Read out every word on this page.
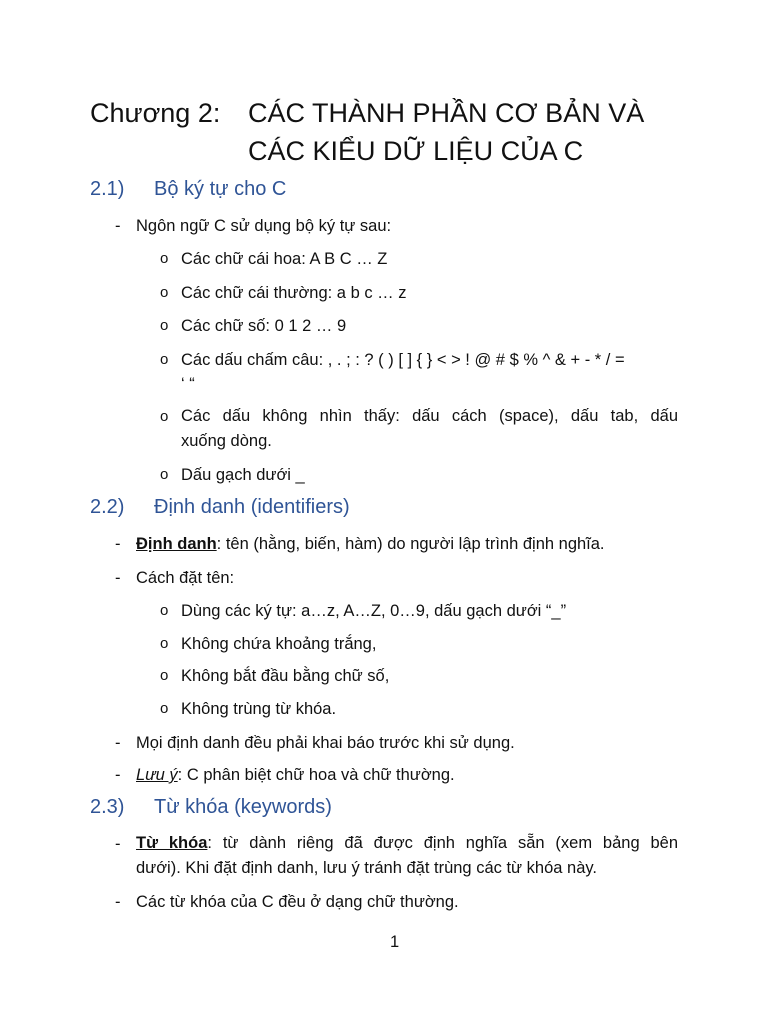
Chương 2: CÁC THÀNH PHẦN CƠ BẢN VÀ
CÁC KIỂU DỮ LIỆU CỦA C
2.1) Bộ ký tự cho C
- Ngôn ngữ C sử dụng bộ ký tự sau:
o Các chữ cái hoa: A B C … Z
o Các chữ cái thường: a b c … z
o Các chữ số: 0 1 2 … 9
o Các dấu chấm câu: , . ; : ? ( ) [ ] { } < > ! @ # $ % ^ & + - * / =
‘ “
o Các dấu không nhìn thấy: dấu cách (space), dấu tab, dấu
xuống dòng.
o Dấu gạch dưới _
2.2) Định danh (identifiers)
- Định danh: tên (hằng, biến, hàm) do người lập trình định nghĩa.
- Cách đặt tên:
o Dùng các ký tự: a…z, A…Z, 0…9, dấu gạch dưới “_”
o Không chứa khoảng trắng,
o Không bắt đầu bằng chữ số,
o Không trùng từ khóa.
- Mọi định danh đều phải khai báo trước khi sử dụng.
- Lưu ý: C phân biệt chữ hoa và chữ thường.
2.3) Từ khóa (keywords)
- Từ khóa: từ dành riêng đã được định nghĩa sẵn (xem bảng bên
dưới). Khi đặt định danh, lưu ý tránh đặt trùng các từ khóa này.
- Các từ khóa của C đều ở dạng chữ thường.
1
